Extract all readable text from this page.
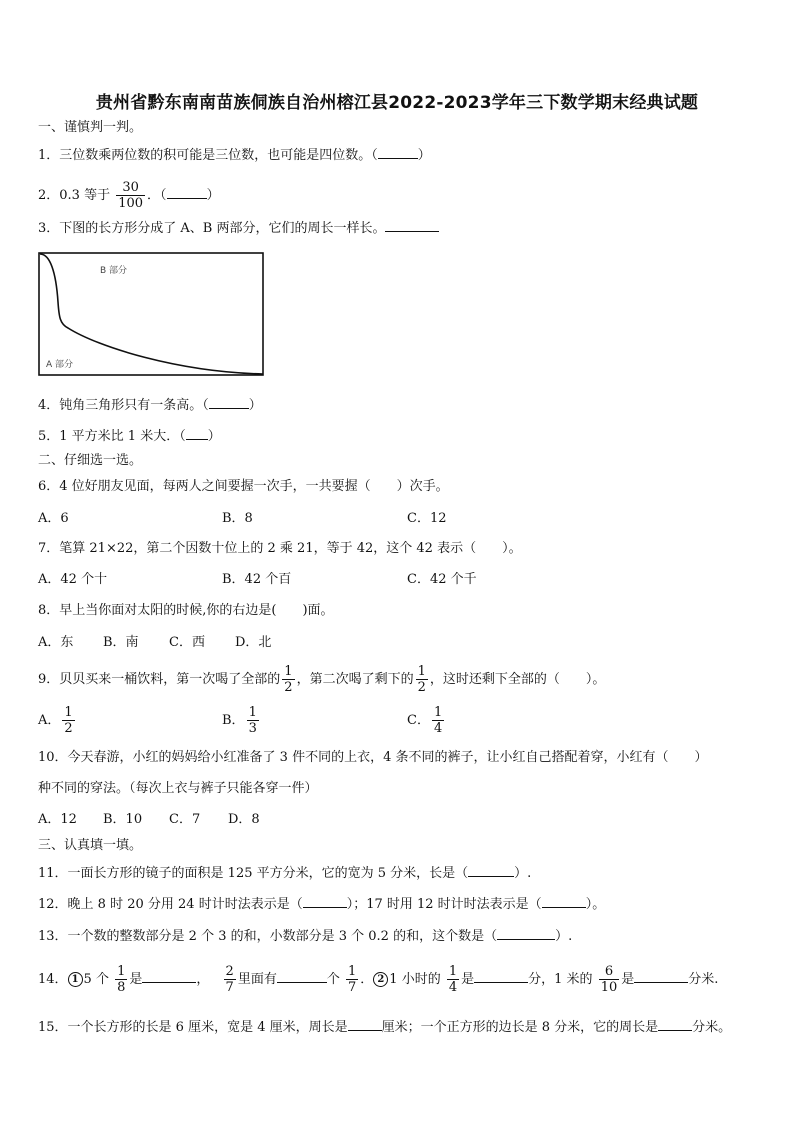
贵州省黔东南南苗族侗族自治州榕江县2022-2023学年三下数学期末经典试题
一、谨慎判一判。
1．三位数乘两位数的积可能是三位数，也可能是四位数。（	）
2．0.3 等于 $\frac{30}{100}$ ．（	）
3．下图的长方形分成了 A、B 两部分，它们的周长一样长。
B 部分
A 部分
4．钝角三角形只有一条高。（	）
5．1 平方米比 1 米大．（ ）
二、仔细选一选。
6．4 位好朋友见面，每两人之间要握一次手，一共要握（　　）次手。
A．6	B．8	C．12
7．笔算 21×22，第二个因数十位上的 2 乘 21，等于 42，这个 42 表示（　　）。
A．42 个十	B．42 个百	C．42 个千
8．早上当你面对太阳的时候,你的右边是(　　)面。
A．东 B．南 C．西 D．北
9．贝贝买来一桶饮料，第一次喝了全部的 $\frac{1}{2}$ ，第二次喝了剩下的 $\frac{1}{2}$ ，这时还剩下全部的（　　）。
A． $\frac{1}{2}$	B． $\frac{1}{3}$	C． $\frac{1}{4}$
10．今天春游，小红的妈妈给小红准备了 3 件不同的上衣，4 条不同的裤子，让小红自己搭配着穿，小红有（　　）
种不同的穿法。（每次上衣与裤子只能各穿一件）
A．12 B．10 C．7 D．8
三、认真填一填。
11．一面长方形的镜子的面积是 125 平方分米，它的宽为 5 分米，长是（	）.
12．晚上 8 时 20 分用 24 时计时法表示是（	）；17 时用 12 时计时法表示是（	）。
13．一个数的整数部分是 2 个 3 的和，小数部分是 3 个 0.2 的和，这个数是（	）.
14． 1 5 个 $\frac{1}{8}$ 是	， $\frac{2}{7}$ 里面有	个 $\frac{1}{7}$ ． 2 1 小时的 $\frac{1}{4}$ 是	分，1 米的 $\frac{6}{10}$ 是	分米.
15．一个长方形的长是 6 厘米，宽是 4 厘米，周长是	厘米；一个正方形的边长是 8 分米，它的周长是	分米。
